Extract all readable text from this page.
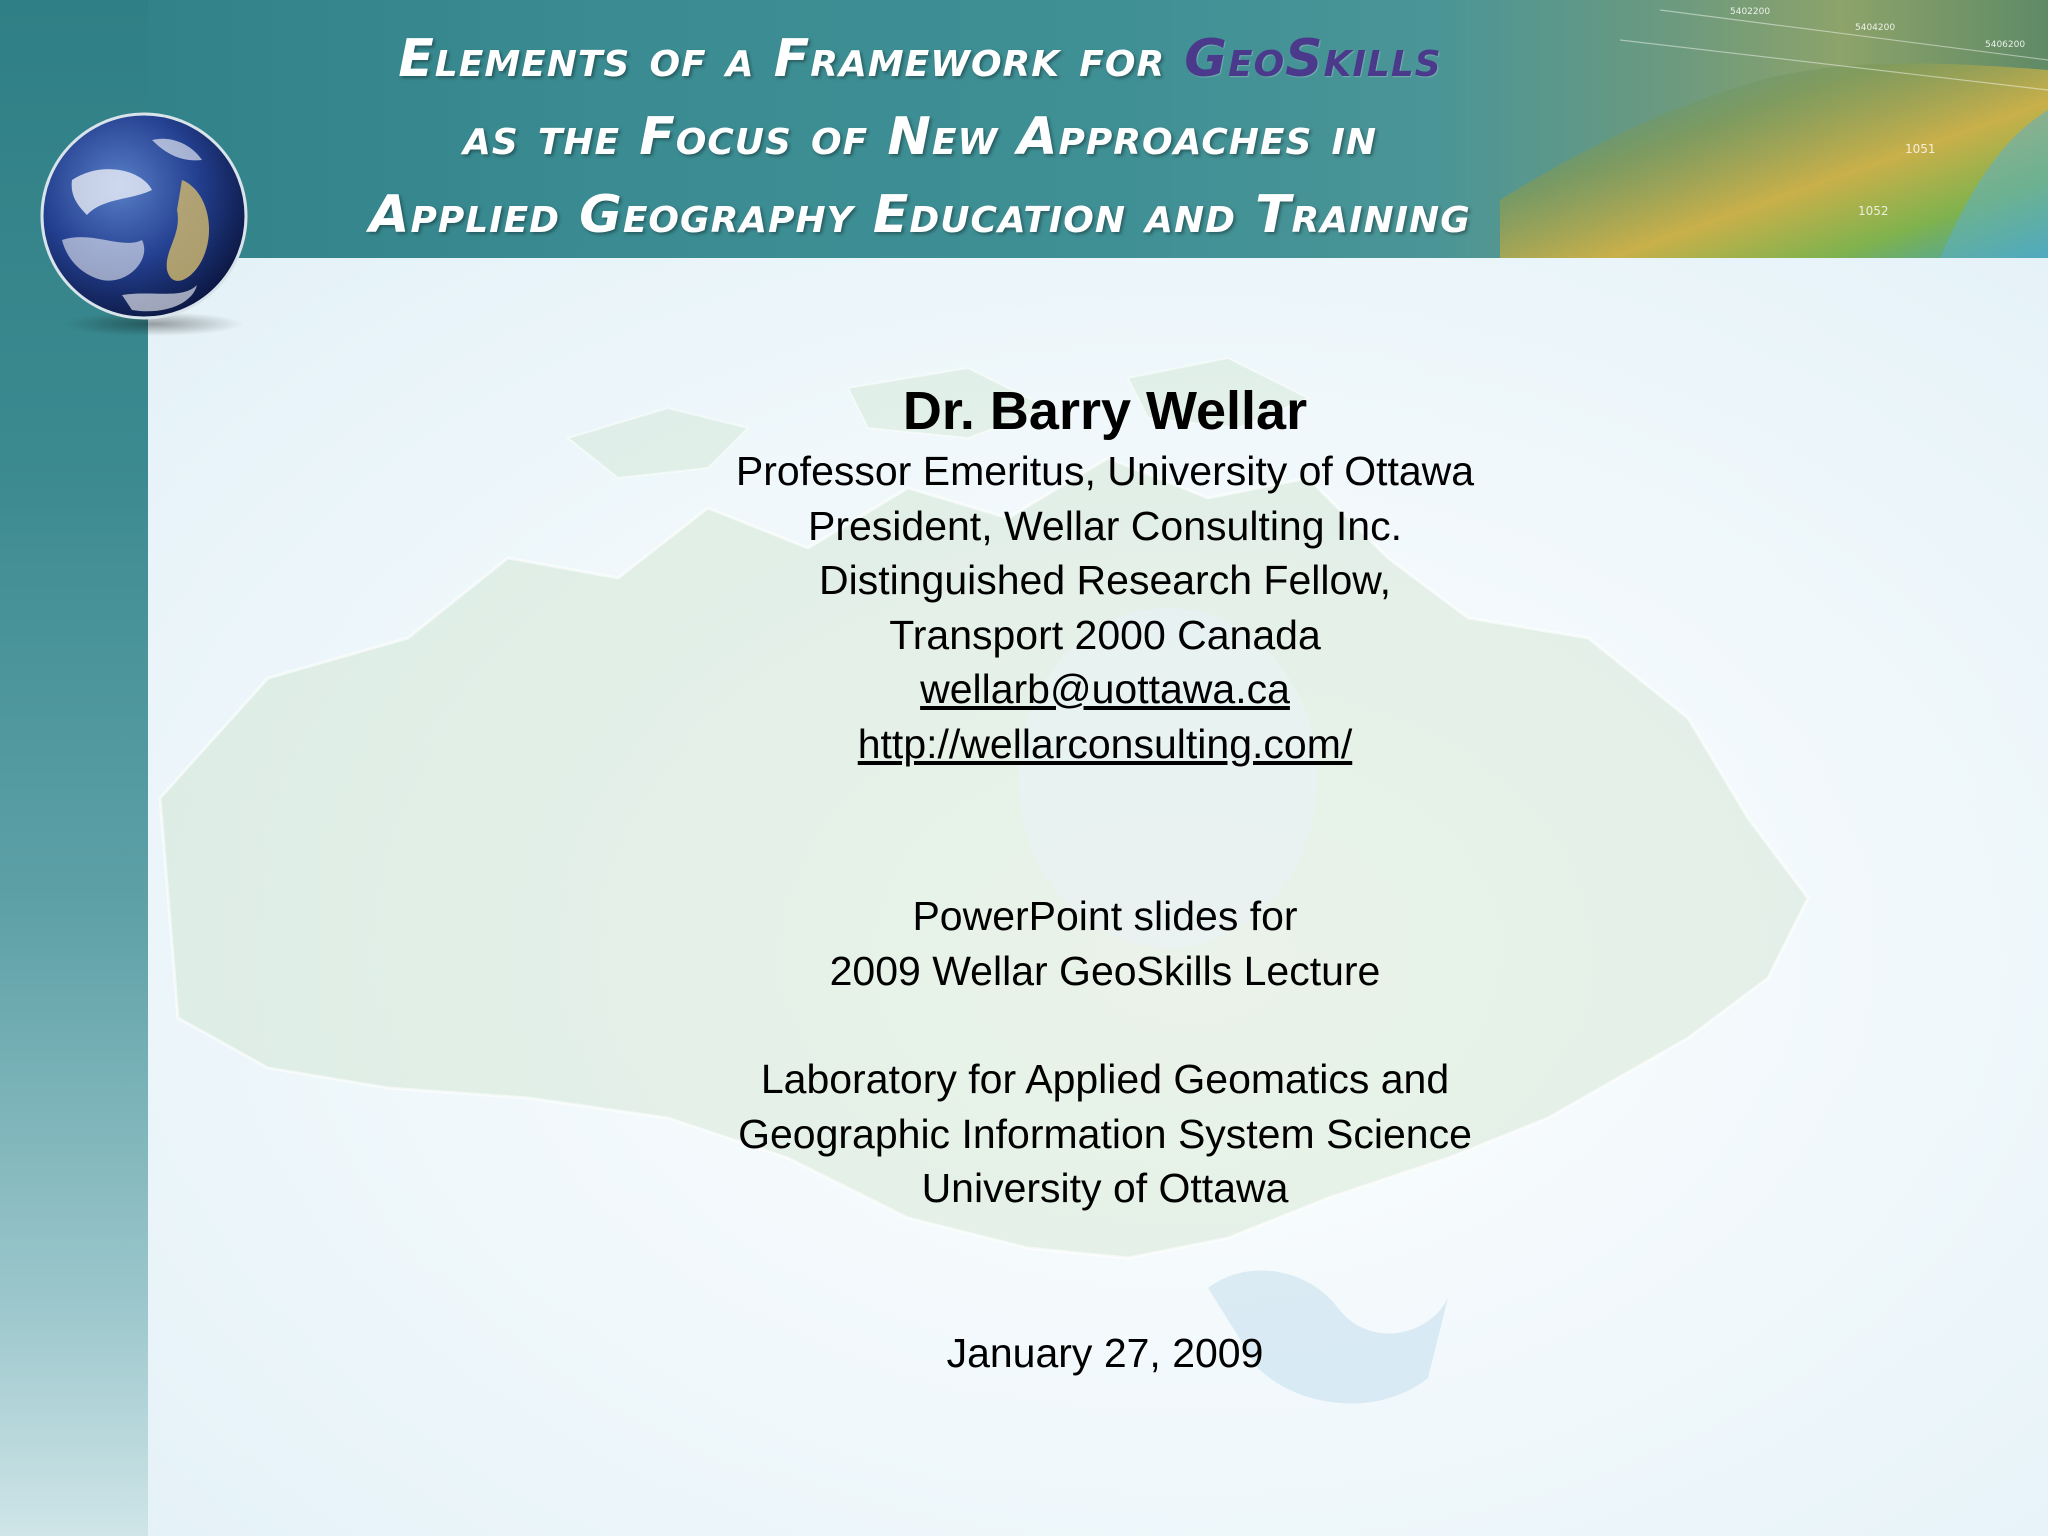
5402200
5404200
5406200
1051
1052
Elements of a Framework for GeoSkills
as the Focus of New Approaches in
Applied Geography Education and Training
Dr. Barry Wellar
Professor Emeritus, University of Ottawa
President, Wellar Consulting Inc.
Distinguished Research Fellow,
Transport 2000 Canada
wellarb@uottawa.ca
http://wellarconsulting.com/
PowerPoint slides for
2009 Wellar GeoSkills Lecture
Laboratory for Applied Geomatics and
Geographic Information System Science
University of Ottawa
January 27, 2009
